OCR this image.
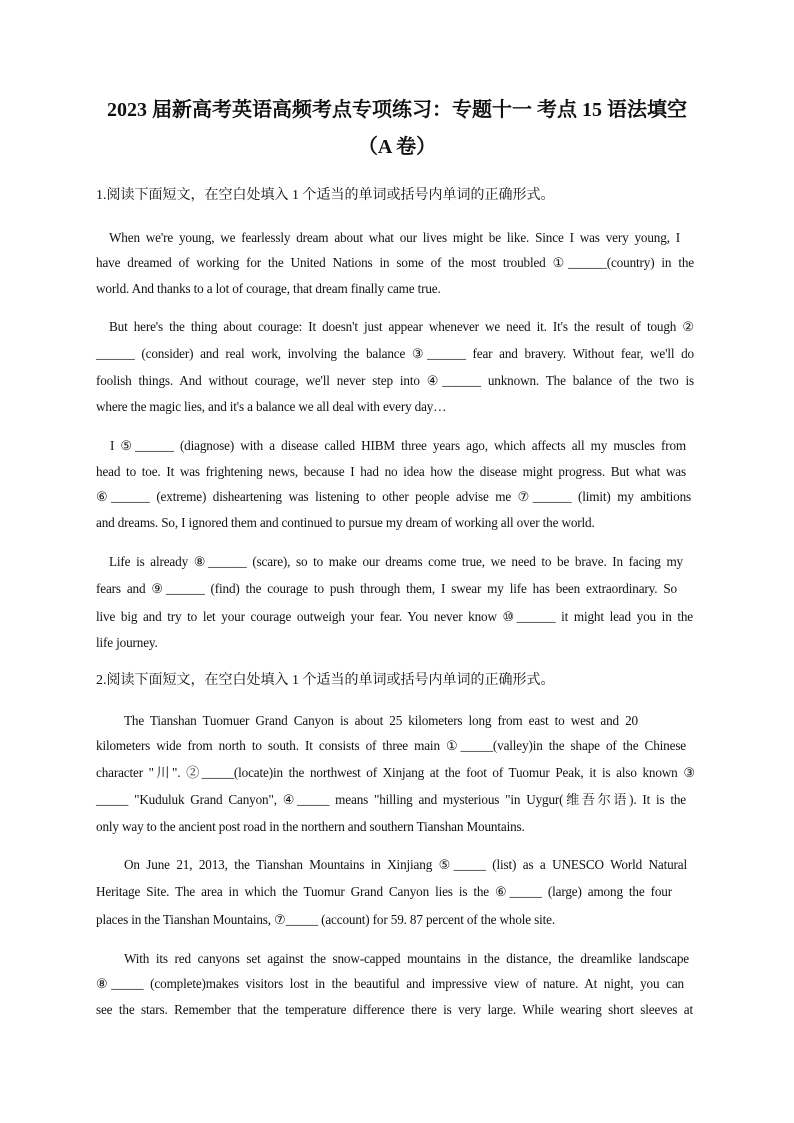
2023 届新高考英语高频考点专项练习：专题十一 考点 15 语法填空
（A 卷）
1.阅读下面短文，在空白处填入 1 个适当的单词或括号内单词的正确形式。
When we're young, we fearlessly dream about what our lives might be like. Since I was very young, I
have dreamed of working for the United Nations in some of the most troubled ①______(country) in the
world. And thanks to a lot of courage, that dream finally came true.
But here's the thing about courage: It doesn't just appear whenever we need it. It's the result of tough ②
______ (consider) and real work, involving the balance ③______ fear and bravery. Without fear, we'll do
foolish things. And without courage, we'll never step into ④______ unknown. The balance of the two is
where the magic lies, and it's a balance we all deal with every day…
I ⑤______ (diagnose) with a disease called HIBM three years ago, which affects all my muscles from
head to toe. It was frightening news, because I had no idea how the disease might progress. But what was
⑥______ (extreme) disheartening was listening to other people advise me ⑦______ (limit) my ambitions
and dreams. So, I ignored them and continued to pursue my dream of working all over the world.
Life is already ⑧______ (scare), so to make our dreams come true, we need to be brave. In facing my
fears and ⑨______ (find) the courage to push through them, I swear my life has been extraordinary. So
live big and try to let your courage outweigh your fear. You never know ⑩______ it might lead you in the
life journey.
2.阅读下面短文，在空白处填入 1 个适当的单词或括号内单词的正确形式。
The Tianshan Tuomuer Grand Canyon is about 25 kilometers long from east to west and 20
kilometers wide from north to south. It consists of three main ①_____(valley)in the shape of the Chinese
character "川". ②_____(locate)in the northwest of Xinjang at the foot of Tuomur Peak, it is also known ③
_____ "Kuduluk Grand Canyon", ④_____ means "hilling and mysterious "in Uygur(维吾尔语). It is the
only way to the ancient post road in the northern and southern Tianshan Mountains.
On June 21, 2013, the Tianshan Mountains in Xinjiang ⑤_____ (list) as a UNESCO World Natural
Heritage Site. The area in which the Tuomur Grand Canyon lies is the ⑥_____ (large) among the four
places in the Tianshan Mountains, ⑦_____ (account) for 59. 87 percent of the whole site.
With its red canyons set against the snow-capped mountains in the distance, the dreamlike landscape
⑧_____ (complete)makes visitors lost in the beautiful and impressive view of nature. At night, you can
see the stars. Remember that the temperature difference there is very large. While wearing short sleeves at
